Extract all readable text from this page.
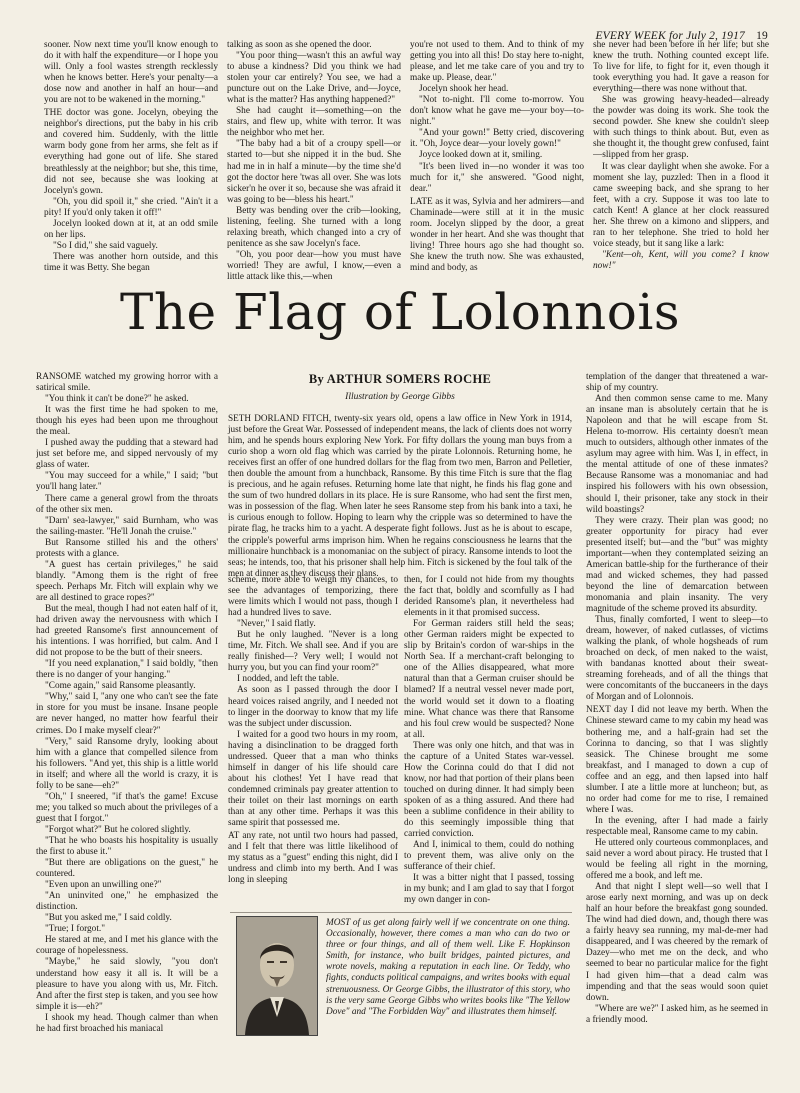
EVERY WEEK for July 2, 1917 19

sooner. Now next time you'll know enough to do it with half the expenditure—or I hope you will. Only a fool wastes strength recklessly when he knows better. Here's your penalty—a dose now and another in half an hour—and you are not to be wakened in the morning."

THE doctor was gone. Jocelyn, obeying the neighbor's directions, put the baby in his crib and covered him. Suddenly, with the little warm body gone from her arms, she felt as if everything had gone out of life. She stared breathlessly at the neighbor; but she, this time, did not see, because she was looking at Jocelyn's gown.

"Oh, you did spoil it," she cried. "Ain't it a pity! If you'd only taken it off!"

Jocelyn looked down at it, at an odd smile on her lips.

"So I did," she said vaguely.

There was another horn outside, and this time it was Betty. She began

talking as soon as she opened the door.

"You poor thing—wasn't this an awful way to abuse a kindness? Did you think we had stolen your car entirely? You see, we had a puncture out on the Lake Drive, and—Joyce, what is the matter? Has anything happened?"

She had caught it—something—on the stairs, and flew up, white with terror. It was the neighbor who met her.

"The baby had a bit of a croupy spell—or started to—but she nipped it in the bud. She had me in in half a minute—by the time she'd got the doctor here 'twas all over. She was lots sicker'n he over it so, because she was afraid it was going to be—bless his heart."

Betty was bending over the crib—looking, listening, feeling. She turned with a long relaxing breath, which changed into a cry of penitence as she saw Jocelyn's face.

"Oh, you poor dear—how you must have worried! They are awful, I know,—even a little attack like this,—when

you're not used to them. And to think of my getting you into all this! Do stay here to-night, please, and let me take care of you and try to make up. Please, dear."

Jocelyn shook her head.

"Not to-night. I'll come to-morrow. You don't know what he gave me—your boy—to-night."

"And your gown!" Betty cried, discovering it. "Oh, Joyce dear—your lovely gown!"

Joyce looked down at it, smiling.

"It's been lived in—no wonder it was too much for it," she answered. "Good night, dear."

LATE as it was, Sylvia and her admirers—and Chaminade—were still at it in the music room. Jocelyn slipped by the door, a great wonder in her heart. And she was thought that living! Three hours ago she had thought so. She knew the truth now. She was exhausted, mind and body, as

she never had been before in her life; but she knew the truth. Nothing counted except life. To live for life, to fight for it, even though it took everything you had. It gave a reason for everything—there was none without that.

She was growing heavy-headed—already the powder was doing its work. She took the second powder. She knew she couldn't sleep with such things to think about. But, even as she thought it, the thought grew confused, faint—slipped from her grasp.

It was clear daylight when she awoke. For a moment she lay, puzzled: Then in a flood it came sweeping back, and she sprang to her feet, with a cry. Suppose it was too late to catch Kent! A glance at her clock reassured her. She threw on a kimono and slippers, and ran to her telephone. She tried to hold her voice steady, but it sang like a lark:

"Kent—oh, Kent, will you come? I know now!"

The Flag of Lolonnois
By ARTHUR SOMERS ROCHE
Illustration by George Gibbs

SETH DORLAND FITCH, twenty-six years old, opens a law office in New York in 1914, just before the Great War. Possessed of independent means, the lack of clients does not worry him, and he spends hours exploring New York. For fifty dollars the young man buys from a curio shop a worn old flag which was carried by the pirate Lolonnois. Returning home, he receives first an offer of one hundred dollars for the flag from two men, Barron and Pelletier, then double the amount from a hunchback, Ransome. By this time Fitch is sure that the flag is precious, and he again refuses. Returning home late that night, he finds his flag gone and the sum of two hundred dollars in its place. He is sure Ransome, who had sent the first men, was in possession of the flag. When later he sees Ransome step from his bank into a taxi, he is curious enough to follow. Hoping to learn why the cripple was so determined to have the pirate flag, he tracks him to a yacht. A desperate fight follows. Just as he is about to escape, the cripple's powerful arms imprison him. When he regains consciousness he learns that the millionaire hunchback is a monomaniac on the subject of piracy. Ransome intends to loot the seas; he intends, too, that his prisoner shall help him. Fitch is sickened by the foul talk of the men at dinner as they discuss their plans.

RANSOME watched my growing horror with a satirical smile.

"You think it can't be done?" he asked.

It was the first time he had spoken to me, though his eyes had been upon me throughout the meal.

I pushed away the pudding that a steward had just set before me, and sipped nervously of my glass of water.

"You may succeed for a while," I said; "but you'll hang later."

There came a general growl from the throats of the other six men.

"Darn' sea-lawyer," said Burnham, who was the sailing-master. "He'll Jonah the cruise."

But Ransome stilled his and the others' protests with a glance.

"A guest has certain privileges," he said blandly. "Among them is the right of free speech. Perhaps Mr. Fitch will explain why we are all destined to grace ropes?"

But the meal, though I had not eaten half of it, had driven away the nervousness with which I had greeted Ransome's first announcement of his intentions. I was horrified, but calm. And I did not propose to be the butt of their sneers.

"If you need explanation," I said boldly, "then there is no danger of your hanging."

"Come again," said Ransome pleasantly.

"Why," said I, "any one who can't see the fate in store for you must be insane. Insane people are never hanged, no matter how fearful their crimes. Do I make myself clear?"

"Very," said Ransome dryly, looking about him with a glance that compelled silence from his followers. "And yet, this ship is a little world in itself; and where all the world is crazy, it is folly to be sane—eh?"

"Oh," I sneered, "if that's the game! Excuse me; you talked so much about the privileges of a guest that I forgot."

"Forgot what?" But he colored slightly.

"That he who boasts his hospitality is usually the first to abuse it."

"But there are obligations on the guest," he countered.

"Even upon an unwilling one?"

"An uninvited one," he emphasized the distinction.

"But you asked me," I said coldly.

"True; I forgot."

He stared at me, and I met his glance with the courage of hopelessness.

"Maybe," he said slowly, "you don't understand how easy it all is. It will be a pleasure to have you along with us, Mr. Fitch. And after the first step is taken, and you see how simple it is—eh?"

I shook my head. Though calmer than when he had first broached his maniacal

scheme, more able to weigh my chances, to see the advantages of temporizing, there were limits which I would not pass, though I had a hundred lives to save.

"Never," I said flatly.

But he only laughed. "Never is a long time, Mr. Fitch. We shall see. And if you are really finished—? Very well; I would not hurry you, but you can find your room?"

I nodded, and left the table.

As soon as I passed through the door I heard voices raised angrily, and I needed not to linger in the doorway to know that my life was the subject under discussion.

I waited for a good two hours in my room, having a disinclination to be dragged forth undressed. Queer that a man who thinks himself in danger of his life should care about his clothes! Yet I have read that condemned criminals pay greater attention to their toilet on their last mornings on earth than at any other time. Perhaps it was this same spirit that possessed me.

AT any rate, not until two hours had passed, and I felt that there was little likelihood of my status as a "guest" ending this night, did I undress and climb into my berth. And I was long in sleeping

then, for I could not hide from my thoughts the fact that, boldly and scornfully as I had derided Ransome's plan, it nevertheless had elements in it that promised success.

For German raiders still held the seas; other German raiders might be expected to slip by Britain's cordon of war-ships in the North Sea. If a merchant-craft belonging to one of the Allies disappeared, what more natural than that a German cruiser should be blamed? If a neutral vessel never made port, the world would set it down to a floating mine. What chance was there that Ransome and his foul crew would be suspected? None at all.

There was only one hitch, and that was in the capture of a United States war-vessel. How the Corinna could do that I did not know, nor had that portion of their plans been touched on during dinner. It had simply been spoken of as a thing assured. And there had been a sublime confidence in their ability to do this seemingly impossible thing that carried conviction.

And I, inimical to them, could do nothing to prevent them, was alive only on the sufferance of their chief.

It was a bitter night that I passed, tossing in my bunk; and I am glad to say that I forgot my own danger in con-

templation of the danger that threatened a war-ship of my country.

And then common sense came to me. Many an insane man is absolutely certain that he is Napoleon and that he will escape from St. Helena to-morrow. His certainty doesn't mean much to outsiders, although other inmates of the asylum may agree with him. Was I, in effect, in the mental attitude of one of these inmates? Because Ransome was a monomaniac and had inspired his followers with his own obsession, should I, their prisoner, take any stock in their wild boastings?

They were crazy. Their plan was good; no greater opportunity for piracy had ever presented itself; but—and the "but" was mighty important—when they contemplated seizing an American battle-ship for the furtherance of their mad and wicked schemes, they had passed beyond the line of demarcation between monomania and plain insanity. The very magnitude of the scheme proved its absurdity.

Thus, finally comforted, I went to sleep—to dream, however, of naked cutlasses, of victims walking the plank, of whole hogsheads of rum broached on deck, of men naked to the waist, with bandanas knotted about their sweat-streaming foreheads, and of all the things that were concomitants of the buccaneers in the days of Morgan and of Lolonnois.

NEXT day I did not leave my berth. When the Chinese steward came to my cabin my head was bothering me, and a half-grain had set the Corinna to dancing, so that I was slightly seasick. The Chinese brought me some breakfast, and I managed to down a cup of coffee and an egg, and then lapsed into half slumber. I ate a little more at luncheon; but, as no order had come for me to rise, I remained where I was.

In the evening, after I had made a fairly respectable meal, Ransome came to my cabin.

He uttered only courteous commonplaces, and said never a word about piracy. He trusted that I would be feeling all right in the morning, offered me a book, and left me.

And that night I slept well—so well that I arose early next morning, and was up on deck half an hour before the breakfast gong sounded. The wind had died down, and, though there was a fairly heavy sea running, my mal-de-mer had disappeared, and I was cheered by the remark of Dazey—who met me on the deck, and who seemed to bear no particular malice for the fight I had given him—that a dead calm was impending and that the seas would soon quiet down.

"Where are we?" I asked him, as he seemed in a friendly mood.

MOST of us get along fairly well if we concentrate on one thing. Occasionally, however, there comes a man who can do two or three or four things, and all of them well. Like F. Hopkinson Smith, for instance, who built bridges, painted pictures, and wrote novels, making a reputation in each line. Or Teddy, who fights, conducts political campaigns, and writes books with equal strenuousness. Or George Gibbs, the illustrator of this story, who is the very same George Gibbs who writes books like "The Yellow Dove" and "The Forbidden Way" and illustrates them himself.
